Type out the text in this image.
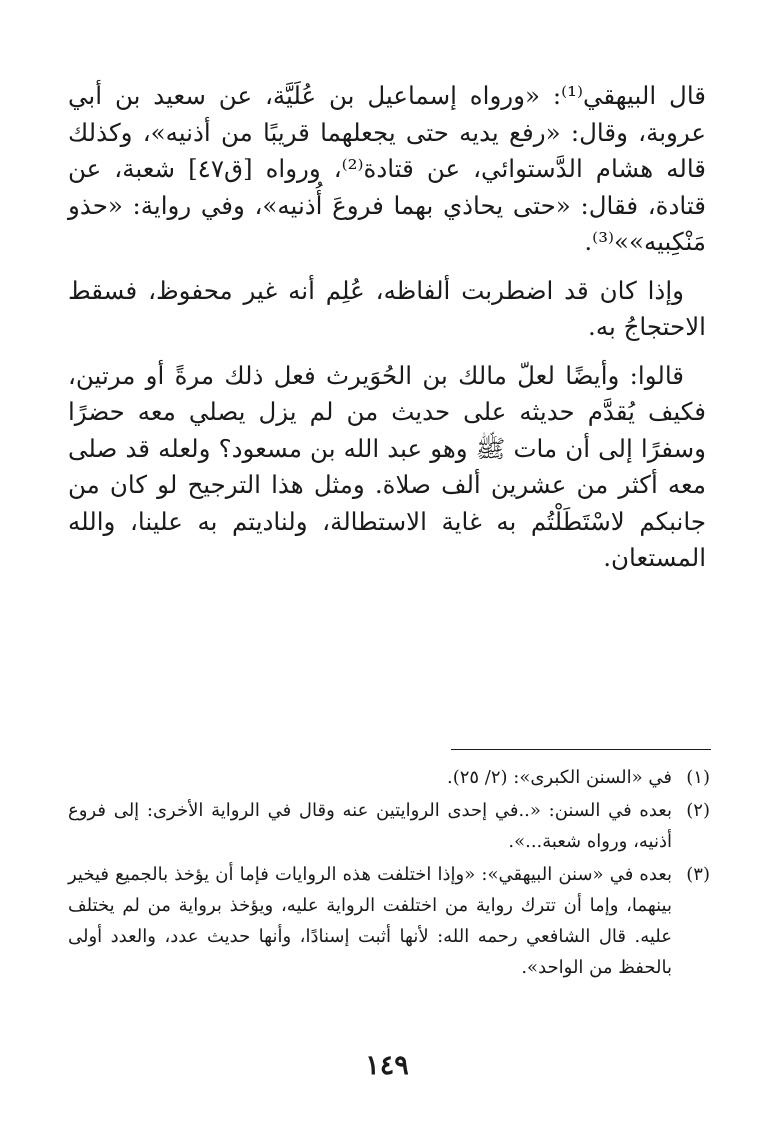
قال البيهقي⁽¹⁾: «ورواه إسماعيل بن عُلَيَّة، عن سعيد بن أبي عروبة، وقال: «رفع يديه حتى يجعلهما قريبًا من أذنيه»، وكذلك قاله هشام الدَّستوائي، عن قتادة⁽²⁾، ورواه [ق٤٧] شعبة، عن قتادة، فقال: «حتى يحاذي بهما فروعَ أُذنيه»، وفي رواية: «حذو مَنْكِبيه»»⁽³⁾.

وإذا كان قد اضطربت ألفاظه، عُلِم أنه غير محفوظ، فسقط الاحتجاجُ به.

قالوا: وأيضًا لعلّ مالك بن الحُوَيرث فعل ذلك مرةً أو مرتين، فكيف يُقدَّم حديثه على حديث من لم يزل يصلي معه حضرًا وسفرًا إلى أن مات ﷺ وهو عبد الله بن مسعود؟ ولعله قد صلى معه أكثر من عشرين ألف صلاة. ومثل هذا الترجيح لو كان من جانبكم لاسْتَطَلْتُم به غاية الاستطالة، ولناديتم به علينا، والله المستعان.

(١)
في «السنن الكبرى»: (٢/ ٢٥).
(٢)
بعده في السنن: «..في إحدى الروايتين عنه وقال في الرواية الأخرى: إلى فروع أذنيه، ورواه شعبة...».
(٣)
بعده في «سنن البيهقي»: «وإذا اختلفت هذه الروايات فإما أن يؤخذ بالجميع فيخير بينهما، وإما أن تترك رواية من اختلفت الرواية عليه، ويؤخذ برواية من لم يختلف عليه. قال الشافعي رحمه الله: لأنها أثبت إسنادًا، وأنها حديث عدد، والعدد أولى بالحفظ من الواحد».
١٤٩
